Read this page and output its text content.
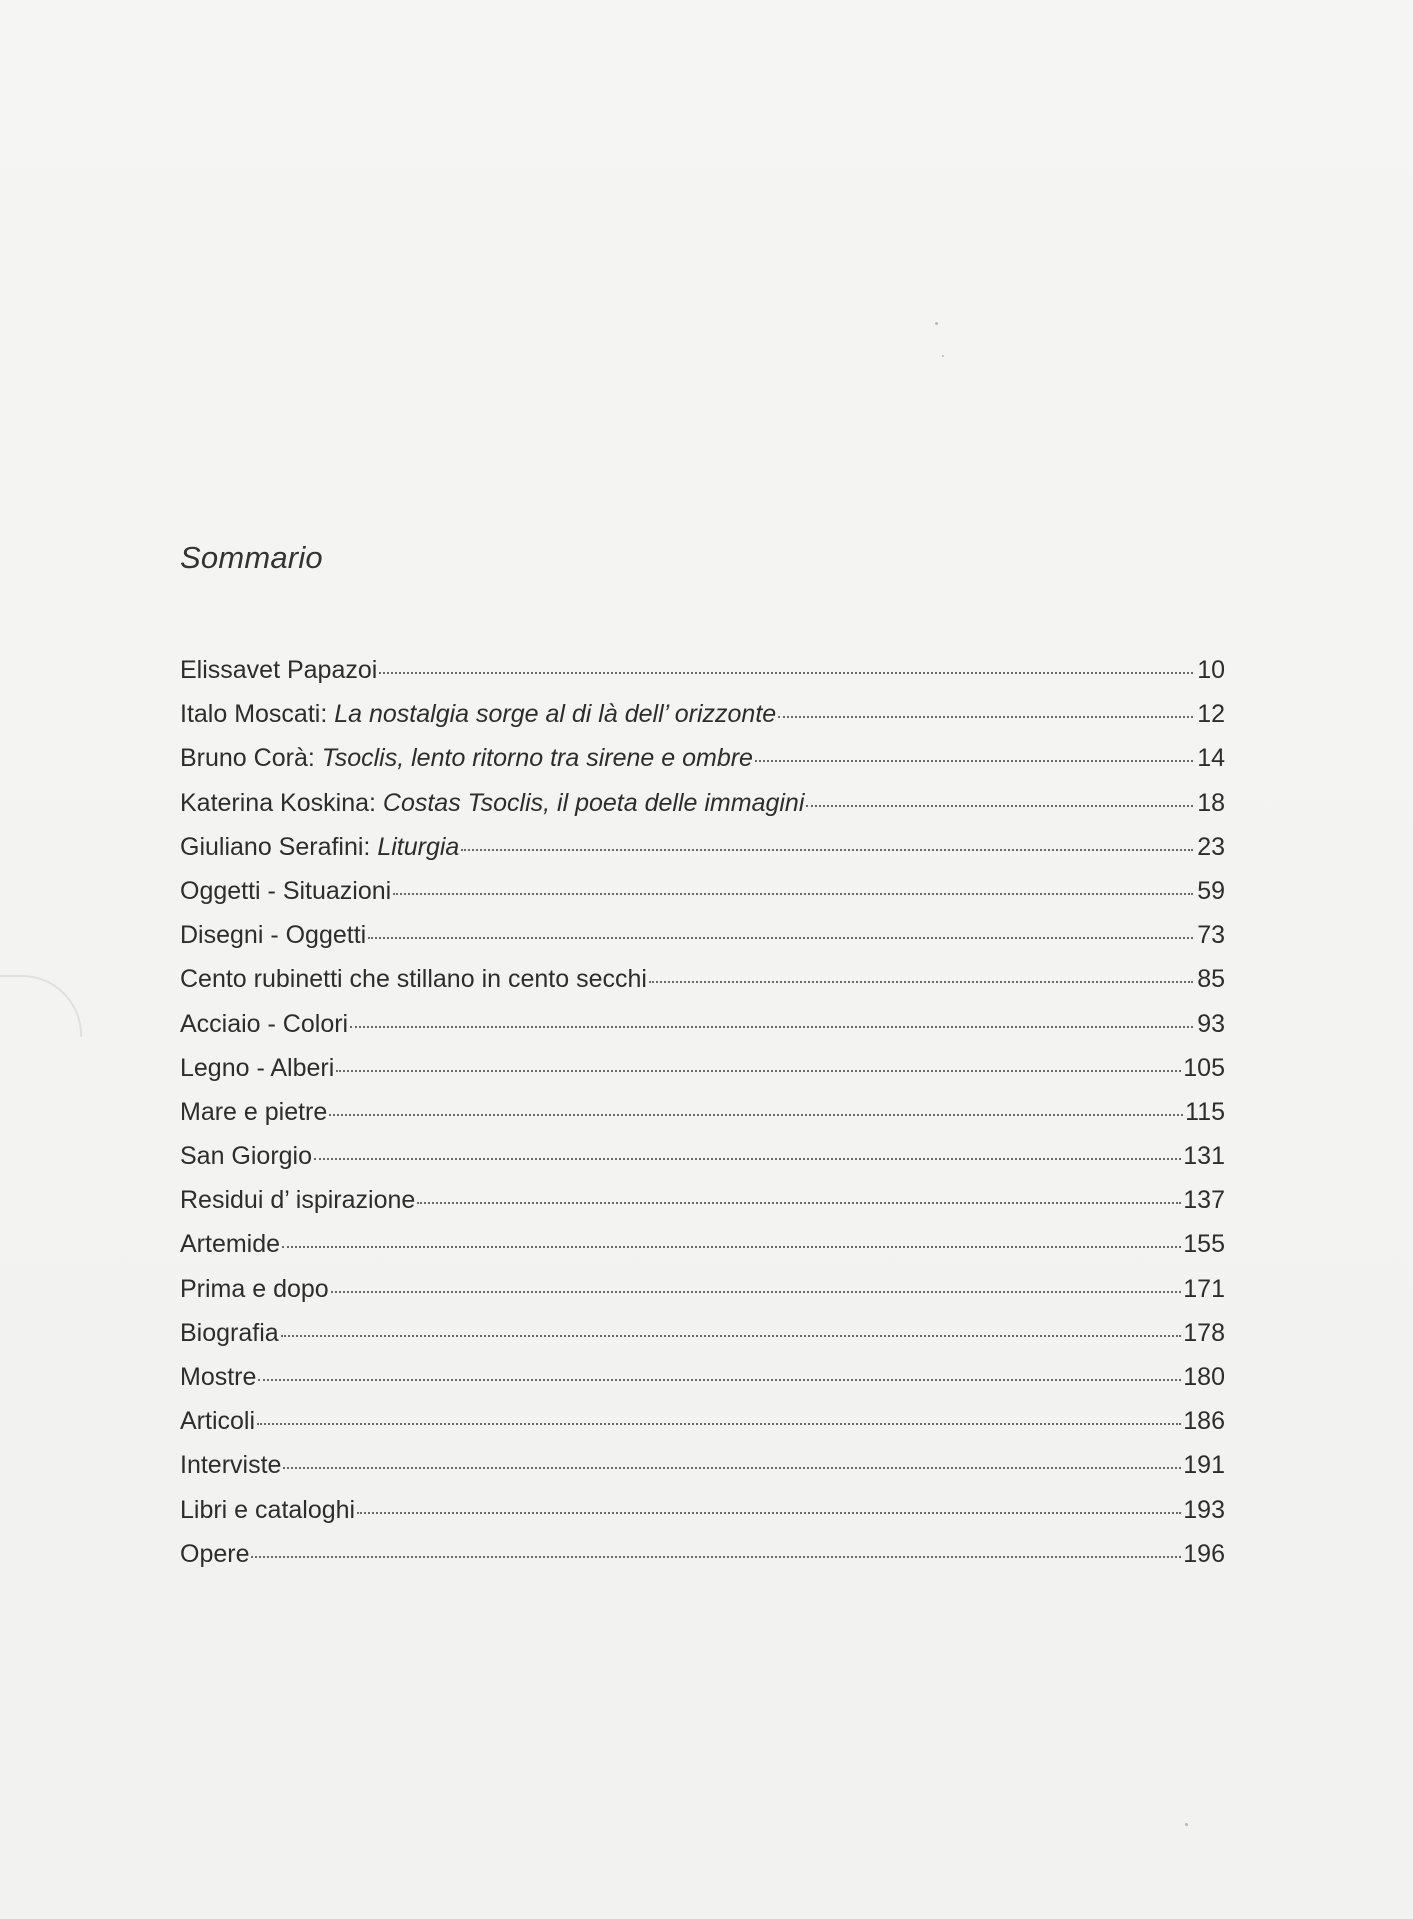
Sommario
Elissavet Papazoi	10
Italo Moscati: La nostalgia sorge al di là dell’ orizzonte	12
Bruno Corà: Tsoclis, lento ritorno tra sirene e ombre	14
Katerina Koskina: Costas Tsoclis, il poeta delle immagini	18
Giuliano Serafini: Liturgia	23
Oggetti - Situazioni	59
Disegni - Oggetti	73
Cento rubinetti che stillano in cento secchi	85
Acciaio - Colori	93
Legno - Alberi	105
Mare e pietre	115
San Giorgio	131
Residui d’ ispirazione	137
Artemide	155
Prima e dopo	171
Biografia	178
Mostre	180
Articoli	186
Interviste	191
Libri e cataloghi	193
Opere	196
